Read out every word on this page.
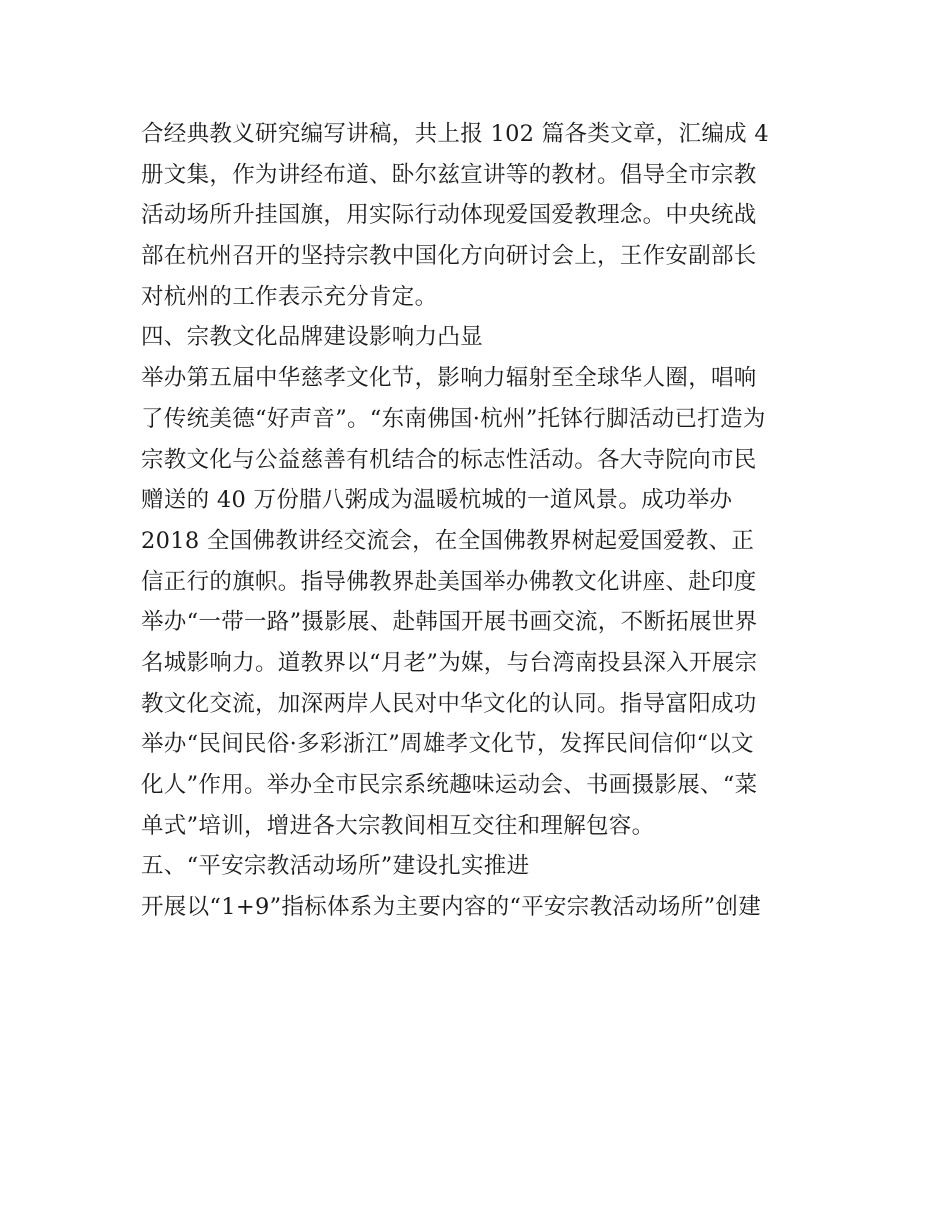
合经典教义研究编写讲稿，共上报 102 篇各类文章，汇编成 4
册文集，作为讲经布道、卧尔兹宣讲等的教材。倡导全市宗教
活动场所升挂国旗，用实际行动体现爱国爱教理念。中央统战
部在杭州召开的坚持宗教中国化方向研讨会上，王作安副部长
对杭州的工作表示充分肯定。
四、宗教文化品牌建设影响力凸显
举办第五届中华慈孝文化节，影响力辐射至全球华人圈，唱响
了传统美德“好声音”。“东南佛国·杭州”托钵行脚活动已打造为
宗教文化与公益慈善有机结合的标志性活动。各大寺院向市民
赠送的 40 万份腊八粥成为温暖杭城的一道风景。成功举办
2018 全国佛教讲经交流会，在全国佛教界树起爱国爱教、正
信正行的旗帜。指导佛教界赴美国举办佛教文化讲座、赴印度
举办“一带一路”摄影展、赴韩国开展书画交流，不断拓展世界
名城影响力。道教界以“月老”为媒，与台湾南投县深入开展宗
教文化交流，加深两岸人民对中华文化的认同。指导富阳成功
举办“民间民俗·多彩浙江”周雄孝文化节，发挥民间信仰“以文
化人”作用。举办全市民宗系统趣味运动会、书画摄影展、“菜
单式”培训，增进各大宗教间相互交往和理解包容。
五、“平安宗教活动场所”建设扎实推进
开展以“1+9”指标体系为主要内容的“平安宗教活动场所”创建
